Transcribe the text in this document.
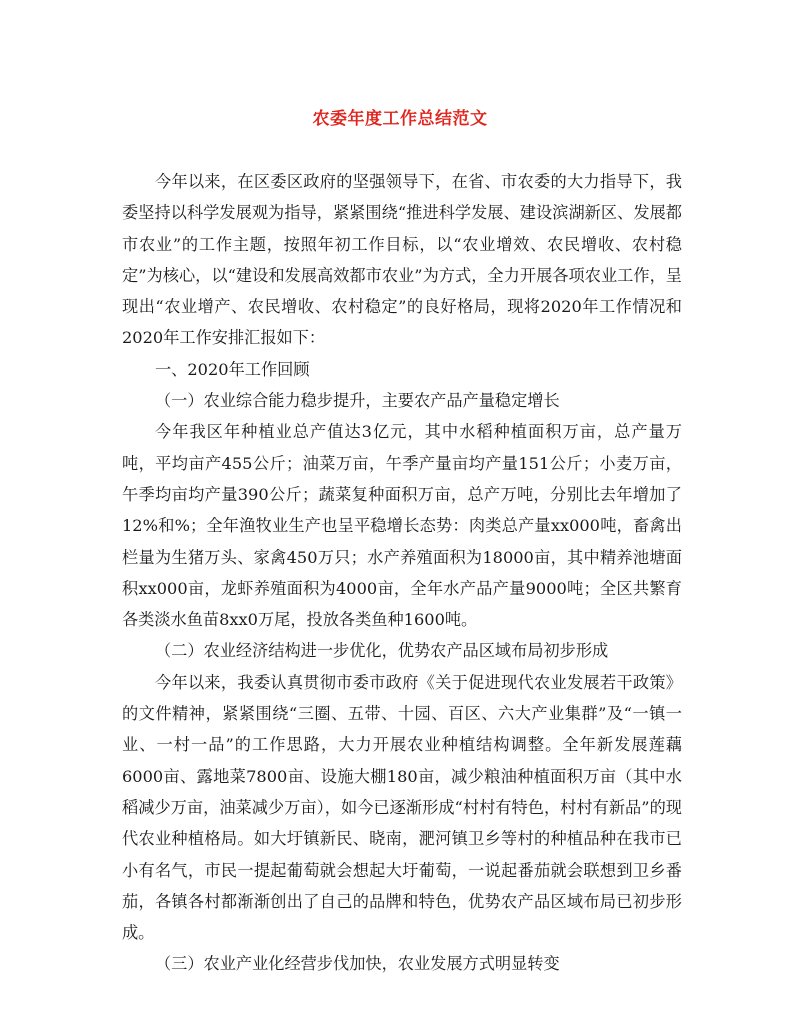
农委年度工作总结范文

今年以来，在区委区政府的坚强领导下，在省、市农委的大力指导下，我委坚持以科学发展观为指导，紧紧围绕“推进科学发展、建设滨湖新区、发展都市农业”的工作主题，按照年初工作目标，以“农业增效、农民增收、农村稳定”为核心，以“建设和发展高效都市农业”为方式，全力开展各项农业工作，呈现出“农业增产、农民增收、农村稳定”的良好格局，现将2020年工作情况和2020年工作安排汇报如下：

一、2020年工作回顾

（一）农业综合能力稳步提升，主要农产品产量稳定增长

今年我区年种植业总产值达3亿元，其中水稻种植面积万亩，总产量万吨，平均亩产455公斤；油菜万亩，午季产量亩均产量151公斤；小麦万亩，午季均亩均产量390公斤；蔬菜复种面积万亩，总产万吨，分别比去年增加了12%和%；全年渔牧业生产也呈平稳增长态势：肉类总产量xx000吨，畜禽出栏量为生猪万头、家禽450万只；水产养殖面积为18000亩，其中精养池塘面积xx000亩，龙虾养殖面积为4000亩，全年水产品产量9000吨；全区共繁育各类淡水鱼苗8xx0万尾，投放各类鱼种1600吨。

（二）农业经济结构进一步优化，优势农产品区域布局初步形成

今年以来，我委认真贯彻市委市政府《关于促进现代农业发展若干政策》的文件精神，紧紧围绕“三圈、五带、十园、百区、六大产业集群”及“一镇一业、一村一品”的工作思路，大力开展农业种植结构调整。全年新发展莲藕6000亩、露地菜7800亩、设施大棚180亩，减少粮油种植面积万亩（其中水稻减少万亩，油菜减少万亩），如今已逐渐形成“村村有特色，村村有新品”的现代农业种植格局。如大圩镇新民、晓南，淝河镇卫乡等村的种植品种在我市已小有名气，市民一提起葡萄就会想起大圩葡萄，一说起番茄就会联想到卫乡番茄，各镇各村都渐渐创出了自己的品牌和特色，优势农产品区域布局已初步形成。

（三）农业产业化经营步伐加快，农业发展方式明显转变
